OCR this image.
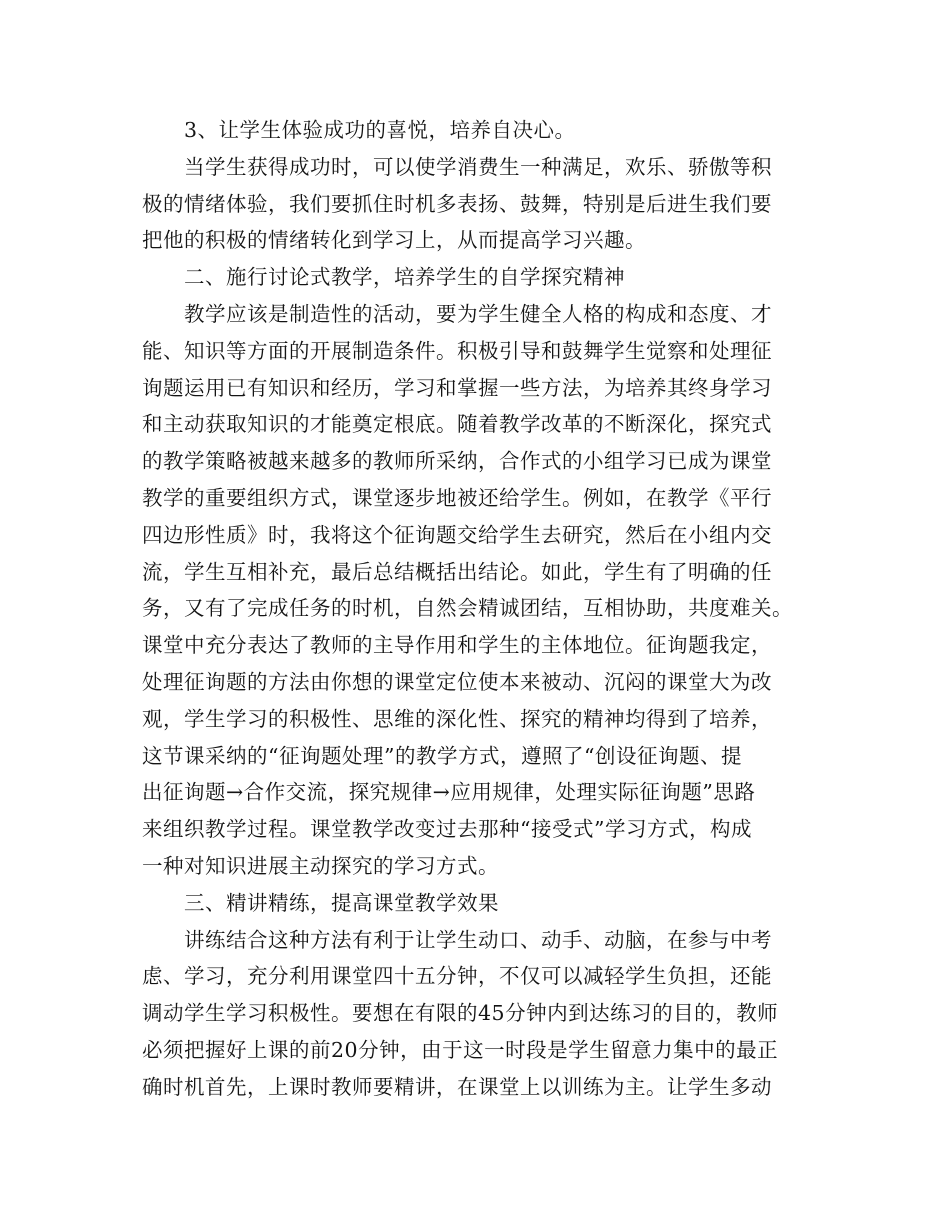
3、让学生体验成功的喜悦，培养自决心。
当学生获得成功时，可以使学消费生一种满足，欢乐、骄傲等积
极的情绪体验，我们要抓住时机多表扬、鼓舞，特别是后进生我们要
把他的积极的情绪转化到学习上，从而提高学习兴趣。
二、施行讨论式教学，培养学生的自学探究精神
教学应该是制造性的活动，要为学生健全人格的构成和态度、才
能、知识等方面的开展制造条件。积极引导和鼓舞学生觉察和处理征
询题运用已有知识和经历，学习和掌握一些方法，为培养其终身学习
和主动获取知识的才能奠定根底。随着教学改革的不断深化，探究式
的教学策略被越来越多的教师所采纳，合作式的小组学习已成为课堂
教学的重要组织方式，课堂逐步地被还给学生。例如，在教学《平行
四边形性质》时，我将这个征询题交给学生去研究，然后在小组内交
流，学生互相补充，最后总结概括出结论。如此，学生有了明确的任
务，又有了完成任务的时机，自然会精诚团结，互相协助，共度难关。
课堂中充分表达了教师的主导作用和学生的主体地位。征询题我定，
处理征询题的方法由你想的课堂定位使本来被动、沉闷的课堂大为改
观，学生学习的积极性、思维的深化性、探究的精神均得到了培养，
这节课采纳的“征询题处理”的教学方式，遵照了“创设征询题、提
出征询题→合作交流，探究规律→应用规律，处理实际征询题”思路
来组织教学过程。课堂教学改变过去那种“接受式”学习方式，构成
一种对知识进展主动探究的学习方式。
三、精讲精练，提高课堂教学效果
讲练结合这种方法有利于让学生动口、动手、动脑，在参与中考
虑、学习，充分利用课堂四十五分钟，不仅可以减轻学生负担，还能
调动学生学习积极性。要想在有限的45分钟内到达练习的目的，教师
必须把握好上课的前20分钟，由于这一时段是学生留意力集中的最正
确时机首先，上课时教师要精讲，在课堂上以训练为主。让学生多动
